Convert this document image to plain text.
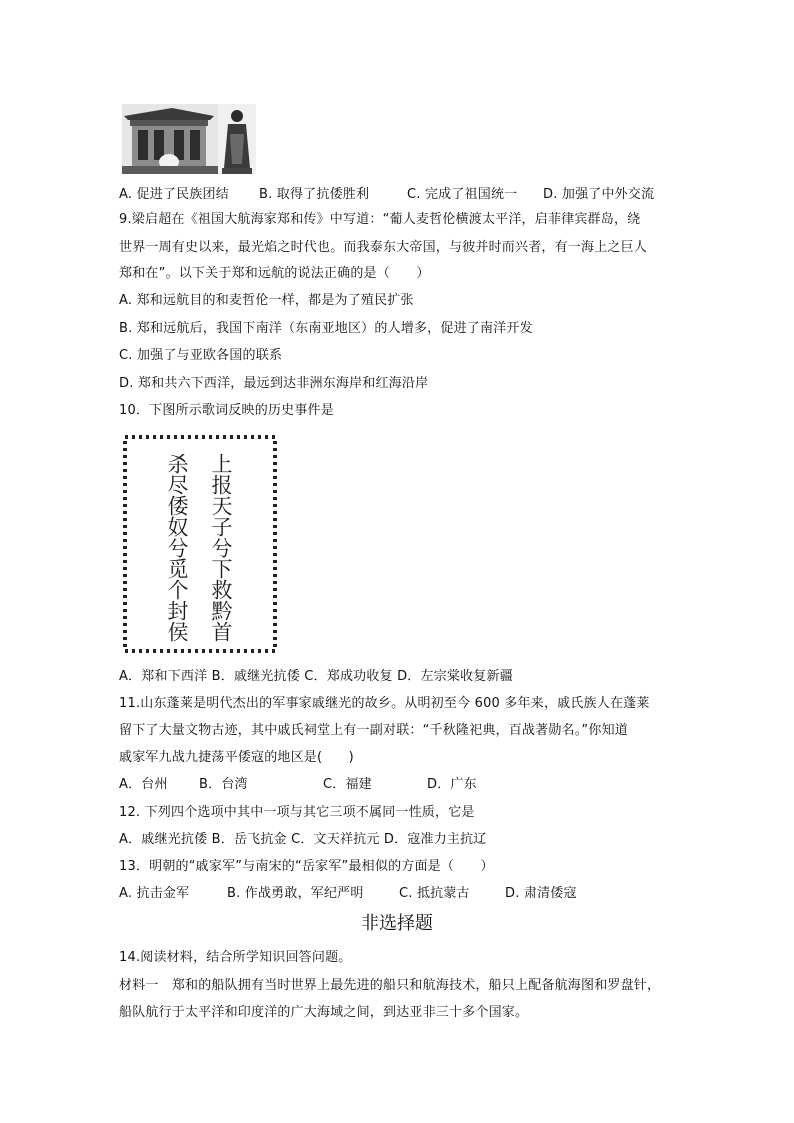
A. 促进了民族团结 B. 取得了抗倭胜利	C. 完成了祖国统一 D. 加强了中外交流
9.梁启超在《祖国大航海家郑和传》中写道：“葡人麦哲伦横渡太平洋，启菲律宾群岛，绕
世界一周有史以来，最光焰之时代也。而我泰东大帝国，与彼并时而兴者，有一海上之巨人
郑和在”。以下关于郑和远航的说法正确的是（　　）
A. 郑和远航目的和麦哲伦一样，都是为了殖民扩张
B. 郑和远航后，我国下南洋（东南亚地区）的人增多，促进了南洋开发
C. 加强了与亚欧各国的联系
D. 郑和共六下西洋，最远到达非洲东海岸和红海沿岸
10．下图所示歌词反映的历史事件是
上报天子兮下救黔首
杀尽倭奴兮觅个封侯
A．郑和下西洋 B．戚继光抗倭 C．郑成功收复 D．左宗棠收复新疆
11.山东蓬莱是明代杰出的军事家戚继光的故乡。从明初至今 600 多年来，戚氏族人在蓬莱
留下了大量文物古迹，其中戚氏祠堂上有一副对联：“千秋隆祀典，百战著勋名。”你知道
戚家军九战九捷荡平倭寇的地区是(　　)
A．台州 B．台湾	C．福建	D．广东
12. 下列四个选项中其中一项与其它三项不属同一性质，它是
A．戚继光抗倭 B．岳飞抗金 C．文天祥抗元 D．寇准力主抗辽
13．明朝的“戚家军”与南宋的“岳家军”最相似的方面是（　　）
A. 抗击金军	B. 作战勇敢，军纪严明	C. 抵抗蒙古	D. 肃清倭寇
非选择题
14.阅读材料，结合所学知识回答问题。
材料一　郑和的船队拥有当时世界上最先进的船只和航海技术，船只上配备航海图和罗盘针，
船队航行于太平洋和印度洋的广大海域之间，到达亚非三十多个国家。
